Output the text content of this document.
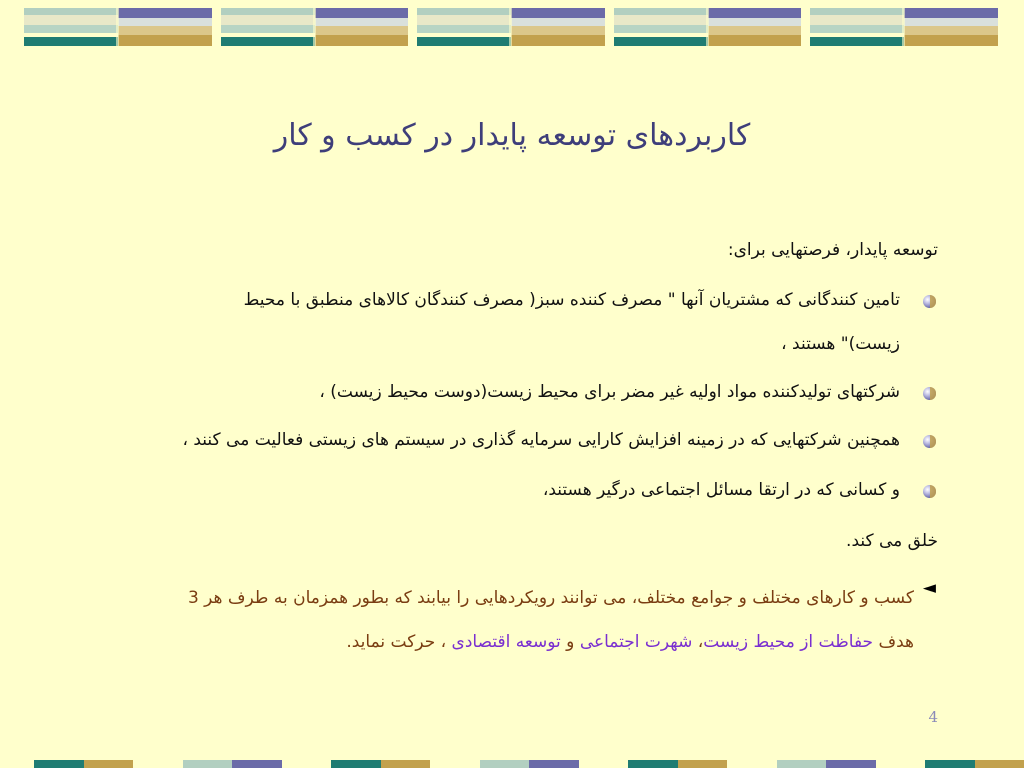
کاربردهای توسعه پایدار در کسب و کار
توسعه پایدار، فرصتهایی برای:
تامین کنندگانی که مشتریان آنها " مصرف کننده سبز( مصرف کنندگان کالاهای منطبق با محیط
زیست)" هستند ،
شرکتهای تولیدکننده مواد اولیه غیر مضر برای محیط زیست(دوست محیط زیست) ،
همچنین شرکتهایی که در زمینه افزایش کارایی سرمایه گذاری در سیستم های زیستی فعالیت می کنند ،
و کسانی که در ارتقا مسائل اجتماعی درگیر هستند،
خلق می کند.
◄
کسب و کارهای مختلف و جوامع مختلف، می توانند رویکردهایی را بیابند که بطور همزمان به طرف هر 3
هدف حفاظت از محیط زیست، شهرت اجتماعی و توسعه اقتصادی ، حرکت نماید.
4
